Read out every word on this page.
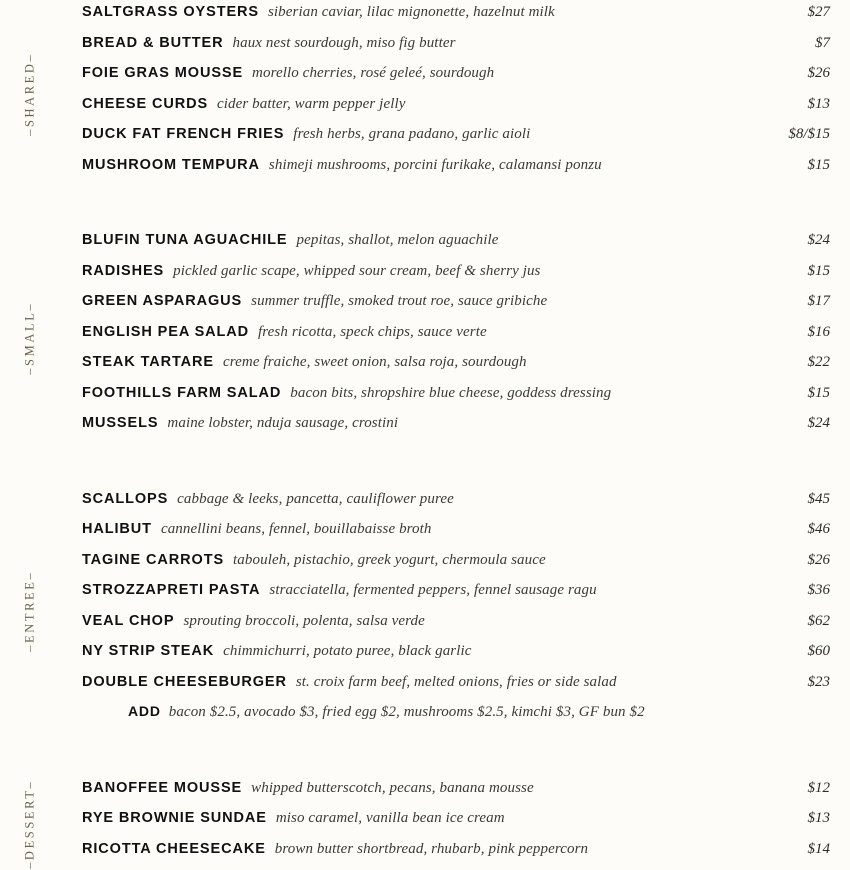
–SHARED–
SALTGRASS OYSTERS siberian caviar, lilac mignonette, hazelnut milk	$27
BREAD & BUTTER haux nest sourdough, miso fig butter	$7
FOIE GRAS MOUSSE morello cherries, rosé geleé, sourdough	$26
CHEESE CURDS cider batter, warm pepper jelly	$13
DUCK FAT FRENCH FRIES fresh herbs, grana padano, garlic aioli	$8/$15
MUSHROOM TEMPURA shimeji mushrooms, porcini furikake, calamansi ponzu	$15
–SMALL–
BLUFIN TUNA AGUACHILE pepitas, shallot, melon aguachile	$24
RADISHES pickled garlic scape, whipped sour cream, beef & sherry jus	$15
GREEN ASPARAGUS summer truffle, smoked trout roe, sauce gribiche	$17
ENGLISH PEA SALAD fresh ricotta, speck chips, sauce verte	$16
STEAK TARTARE creme fraiche, sweet onion, salsa roja, sourdough	$22
FOOTHILLS FARM SALAD bacon bits, shropshire blue cheese, goddess dressing	$15
MUSSELS maine lobster, nduja sausage, crostini	$24
–ENTREE–
SCALLOPS cabbage & leeks, pancetta, cauliflower puree	$45
HALIBUT cannellini beans, fennel, bouillabaisse broth	$46
TAGINE CARROTS tabouleh, pistachio, greek yogurt, chermoula sauce	$26
STROZZAPRETI PASTA stracciatella, fermented peppers, fennel sausage ragu	$36
VEAL CHOP sprouting broccoli, polenta, salsa verde	$62
NY STRIP STEAK chimmichurri, potato puree, black garlic	$60
DOUBLE CHEESEBURGER st. croix farm beef, melted onions, fries or side salad	$23
ADD bacon $2.5, avocado $3, fried egg $2, mushrooms $2.5, kimchi $3, GF bun $2
–DESSERT–	BANOFFEE MOUSSE whipped butterscotch, pecans, banana mousse	$12
RYE BROWNIE SUNDAE miso caramel, vanilla bean ice cream	$13
RICOTTA CHEESECAKE brown butter shortbread, rhubarb, pink peppercorn	$14
